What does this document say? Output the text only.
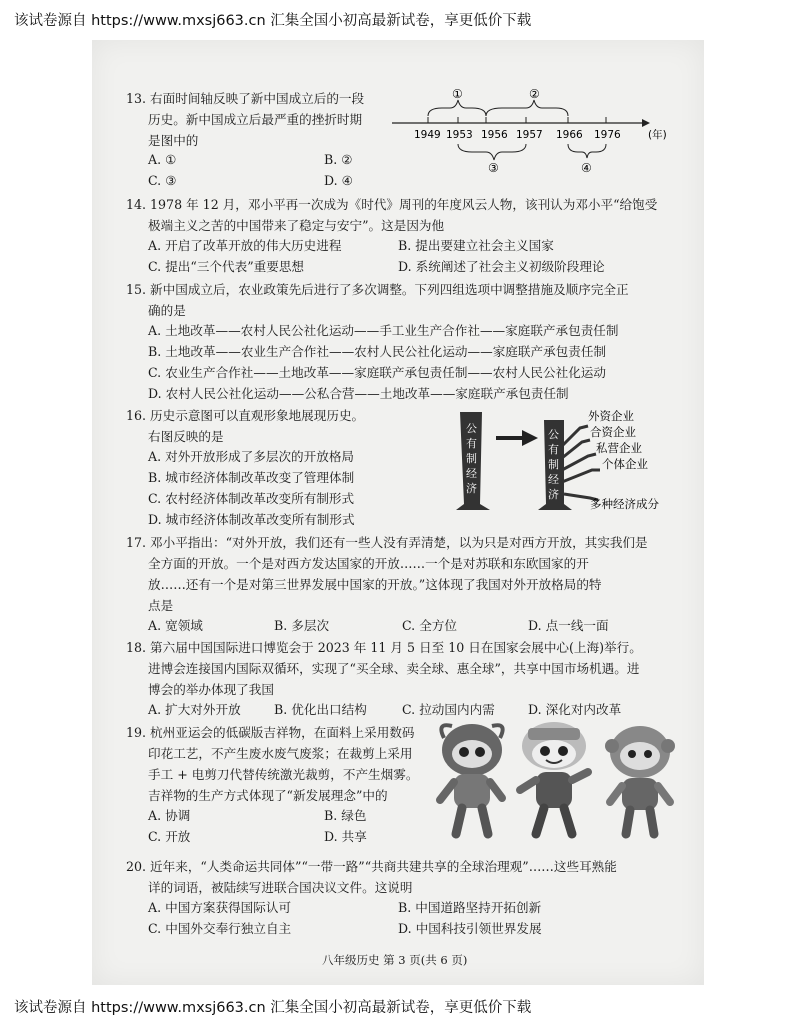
该试卷源自 https://www.mxsj663.cn 汇集全国小初高最新试卷，享更低价下载
13. 右面时间轴反映了新中国成立后的一段
历史。新中国成立后最严重的挫折时期
是图中的
A. ①	B. ②
C. ③	D. ④
①	②
1949 1953 1956 1957 1966 1976	(年)
③	④
14. 1978 年 12 月，邓小平再一次成为《时代》周刊的年度风云人物，该刊认为邓小平“给饱受
极端主义之苦的中国带来了稳定与安宁”。这是因为他
A. 开启了改革开放的伟大历史进程	B. 提出要建立社会主义国家
C. 提出“三个代表”重要思想	D. 系统阐述了社会主义初级阶段理论
15. 新中国成立后，农业政策先后进行了多次调整。下列四组选项中调整措施及顺序完全正
确的是
A. 土地改革——农村人民公社化运动——手工业生产合作社——家庭联产承包责任制
B. 土地改革——农业生产合作社——农村人民公社化运动——家庭联产承包责任制
C. 农业生产合作社——土地改革——家庭联产承包责任制——农村人民公社化运动
D. 农村人民公社化运动——公私合营——土地改革——家庭联产承包责任制
16. 历史示意图可以直观形象地展现历史。
右图反映的是
A. 对外开放形成了多层次的开放格局
B. 城市经济体制改革改变了管理体制
C. 农村经济体制改革改变所有制形式
D. 城市经济体制改革改变所有制形式
公
有
制
经
济
公
有
制
经
济
外资企业
合资企业
私营企业
个体企业
多种经济成分
17. 邓小平指出：“对外开放，我们还有一些人没有弄清楚，以为只是对西方开放，其实我们是
全方面的开放。一个是对西方发达国家的开放……一个是对苏联和东欧国家的开
放……还有一个是对第三世界发展中国家的开放。”这体现了我国对外开放格局的特
点是
A. 宽领域	B. 多层次	C. 全方位	D. 点一线一面
18. 第六届中国国际进口博览会于 2023 年 11 月 5 日至 10 日在国家会展中心(上海)举行。
进博会连接国内国际双循环，实现了“买全球、卖全球、惠全球”，共享中国市场机遇。进
博会的举办体现了我国
A. 扩大对外开放	B. 优化出口结构	C. 拉动国内内需	D. 深化对内改革
19. 杭州亚运会的低碳版吉祥物，在面料上采用数码
印花工艺，不产生废水废气废浆；在裁剪上采用
手工 + 电剪刀代替传统激光裁剪，不产生烟雾。
吉祥物的生产方式体现了“新发展理念”中的
A. 协调	B. 绿色
C. 开放	D. 共享
20. 近年来，“人类命运共同体”“一带一路”“共商共建共享的全球治理观”……这些耳熟能
详的词语，被陆续写进联合国决议文件。这说明
A. 中国方案获得国际认可	B. 中国道路坚持开拓创新
C. 中国外交奉行独立自主	D. 中国科技引领世界发展
八年级历史 第 3 页(共 6 页)
该试卷源自 https://www.mxsj663.cn 汇集全国小初高最新试卷，享更低价下载
